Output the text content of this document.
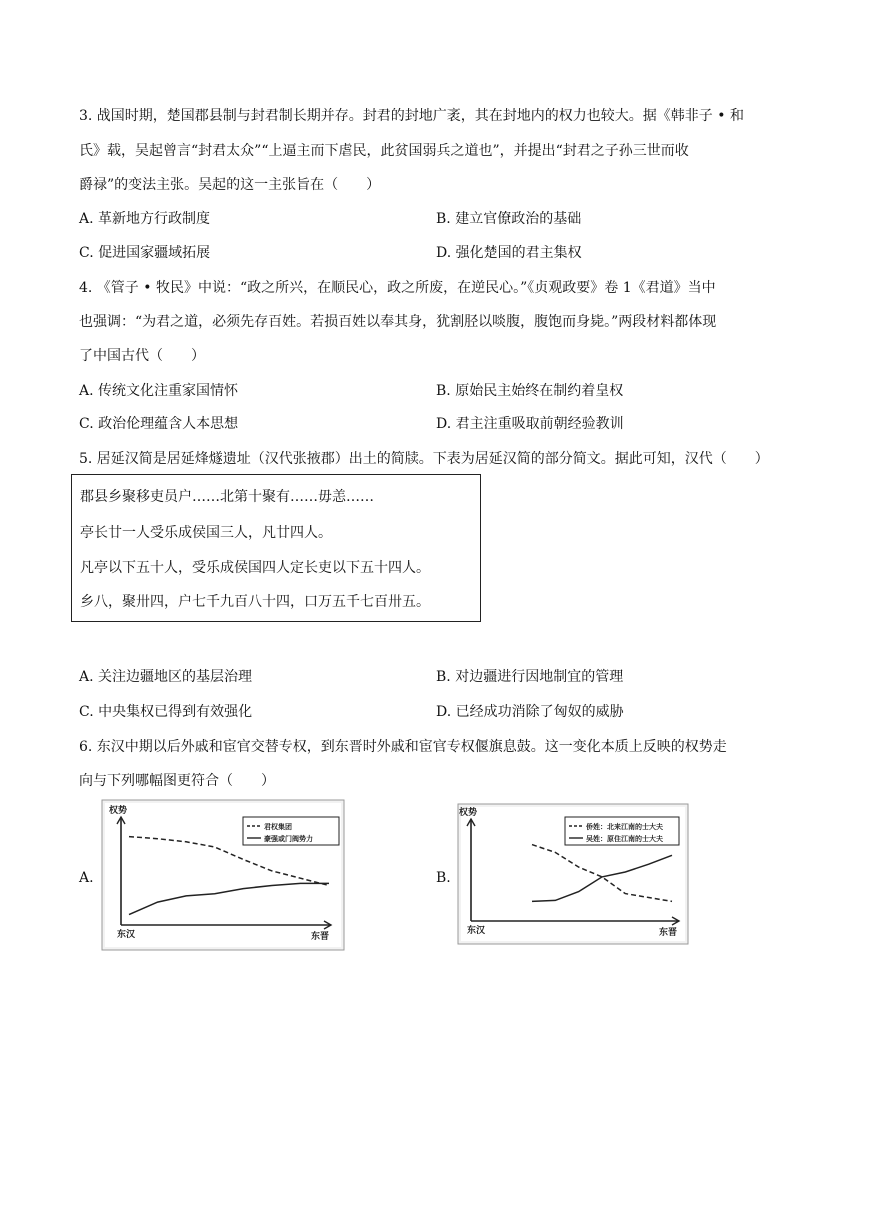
3. 战国时期，楚国郡县制与封君制长期并存。封君的封地广袤，其在封地内的权力也较大。据《韩非子 • 和
氏》载，吴起曾言“封君太众”“上逼主而下虐民，此贫国弱兵之道也”，并提出“封君之子孙三世而收
爵禄”的变法主张。吴起的这一主张旨在（　　）
A. 革新地方行政制度	B. 建立官僚政治的基础
C. 促进国家疆域拓展	D. 强化楚国的君主集权
4. 《管子 • 牧民》中说：“政之所兴，在顺民心，政之所废，在逆民心。”《贞观政要》卷 1《君道》当中
也强调：“为君之道，必须先存百姓。若损百姓以奉其身，犹割胫以啖腹，腹饱而身毙。”两段材料都体现
了中国古代（　　）
A. 传统文化注重家国情怀	B. 原始民主始终在制约着皇权
C. 政治伦理蕴含人本思想	D. 君主注重吸取前朝经验教训
5. 居延汉简是居延烽燧遗址（汉代张掖郡）出土的简牍。下表为居延汉简的部分简文。据此可知，汉代（　　）
郡县乡聚移吏员户……北第十聚有……毋恙……
亭长廿一人受乐成侯国三人，凡廿四人。
凡亭以下五十人，受乐成侯国四人定长吏以下五十四人。
乡八，聚卅四，户七千九百八十四，口万五千七百卅五。
A. 关注边疆地区的基层治理	B. 对边疆进行因地制宜的管理
C. 中央集权已得到有效强化	D. 已经成功消除了匈奴的威胁
6. 东汉中期以后外戚和宦官交替专权，到东晋时外戚和宦官专权偃旗息鼓。这一变化本质上反映的权势走
向与下列哪幅图更符合（　　）
A.
权势
东汉	东晋
君权集团
豪强或门阀势力
B.
权势
东汉	东晋
侨姓：北来江南的士大夫
吴姓：原住江南的士大夫
